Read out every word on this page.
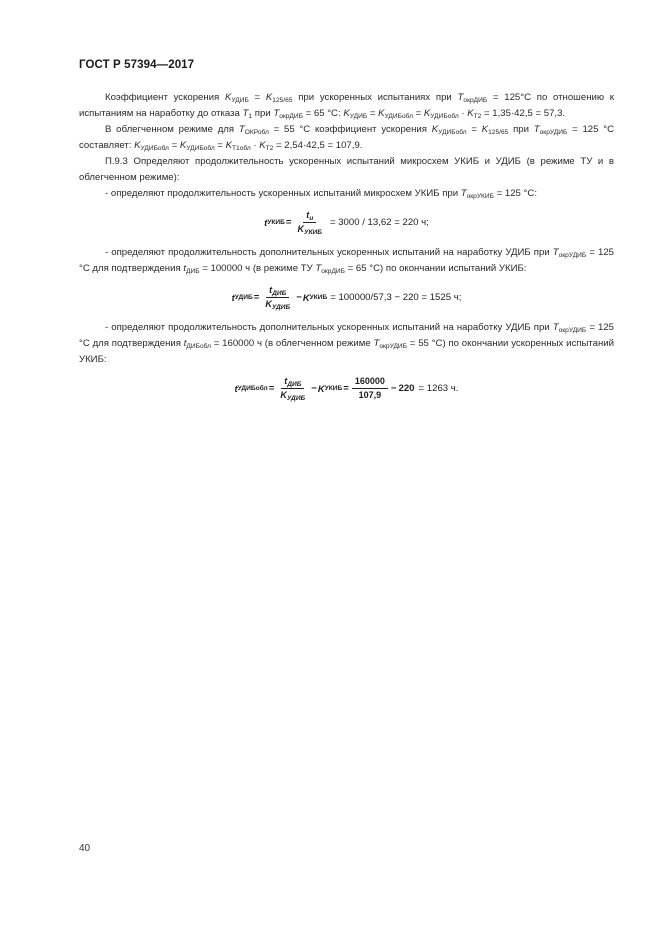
ГОСТ Р 57394—2017

Коэффициент ускорения $K_{УДИБ} = K_{125/65}$ при ускоренных испытаниях при $T_{окрДИБ} = 125^\circ С$ по отношению к испытаниям на наработку до отказа $T_1$ при $T_{окрДИБ} = 65$ °С: $K_{УДИБ} = K_{УДИБобл} = K_{УДИБобл} \cdot K_{T2} = 1,35\cdot 42,5 = 57,3$.

В облегченном режиме для $T_{ОКРобл} = 55$ °С коэффициент ускорения $K_{УДИБобл} = K_{125/65}$ при $T_{окрУДИБ} = 125$ °С составляет: $K_{УДИБобл} = K_{УДИБобл} = K_{Т1обл} \cdot K_{T2} = 2,54\cdot 42,5 = 107,9$.

П.9.3 Определяют продолжительность ускоренных испытаний микросхем УКИБ и УДИБ (в режиме ТУ и в облегченном режиме):

- определяют продолжительность ускоренных испытаний микросхем УКИБ при $T_{окрУКИБ} = 125$ °С:

t УКИБ = $\frac{t_и}{K_{УКИБ}} = 3000 / 13,62 = 220$ ч;

- определяют продолжительность дополнительных ускоренных испытаний на наработку УДИБ при $T_{окрУДИБ} = 125$ °С для подтверждения $t_{ДИБ} = 100000$ ч (в режиме ТУ $T_{окрДИБ} = 65$ °С) по окончании испытаний УКИБ:

t УДИБ = $\frac{t_{ДИБ}}{K_{УДИБ}} - K$ УКИБ = 100000/57,3 − 220 = 1525 ч;

- определяют продолжительность дополнительных ускоренных испытаний на наработку УДИБ при $T_{окрУДИБ} = 125$ °С для подтверждения $t_{ДИБобл} = 160000$ ч (в облегченном режиме $T_{окрУДИБ} = 55$ °С) по окончании ускоренных испытаний УКИБ:

t УДИБобл = $\frac{t_{ДИБ}}{K_{УДИБ}} - K$ УКИБ = $\frac{160000}{107,9} - 220 = 1263$ ч.
40
